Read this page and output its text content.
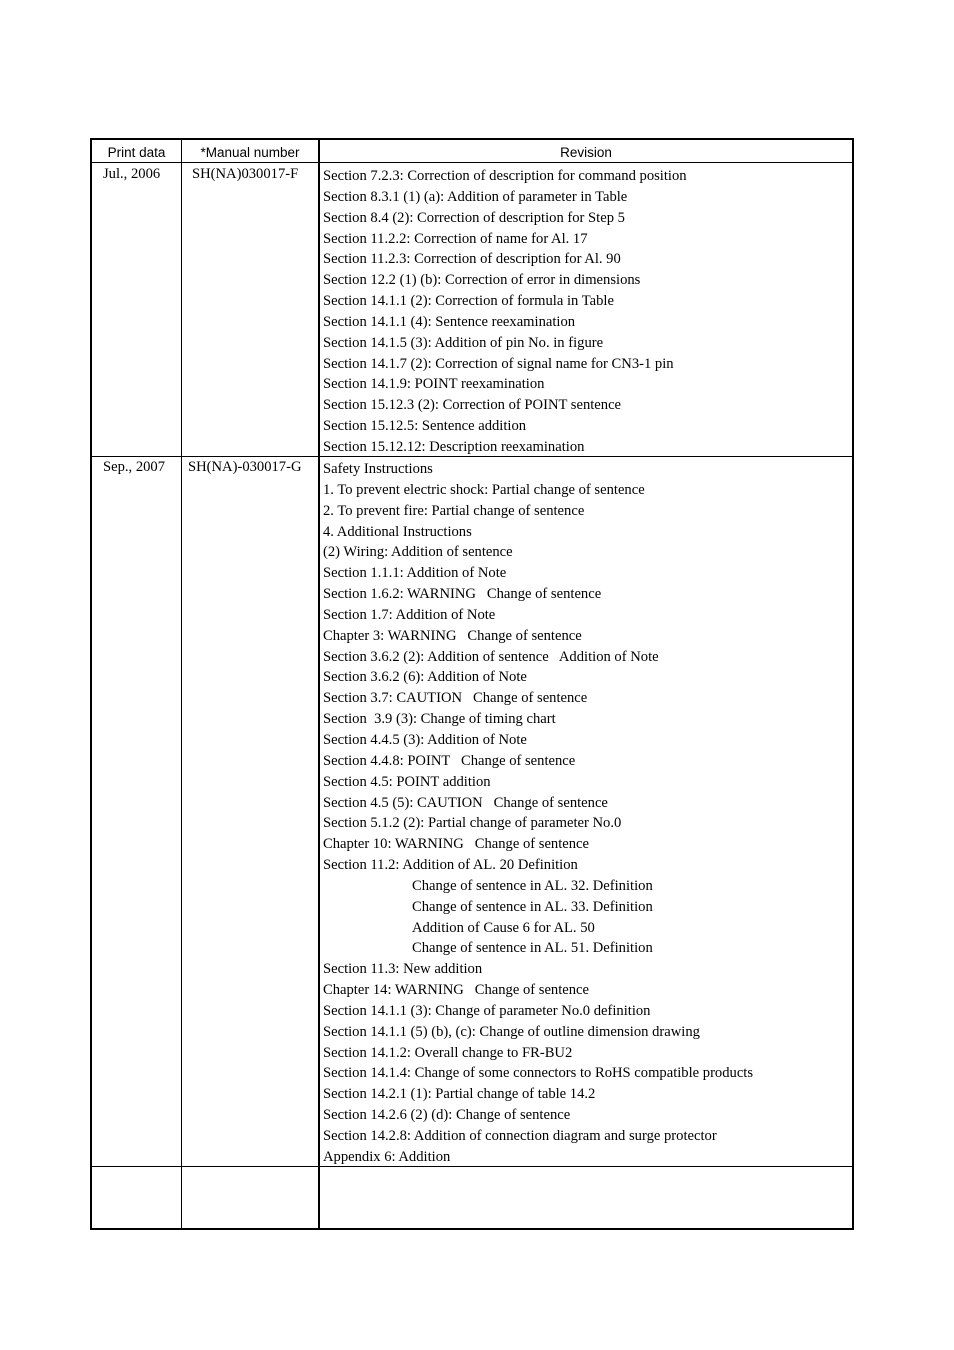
Print data	*Manual number	Revision
Jul., 2006 SH(NA)030017-F Section 7.2.3: Correction of description for command position
Section 8.3.1 (1) (a): Addition of parameter in Table
Section 8.4 (2): Correction of description for Step 5
Section 11.2.2: Correction of name for Al. 17
Section 11.2.3: Correction of description for Al. 90
Section 12.2 (1) (b): Correction of error in dimensions
Section 14.1.1 (2): Correction of formula in Table
Section 14.1.1 (4): Sentence reexamination
Section 14.1.5 (3): Addition of pin No. in figure
Section 14.1.7 (2): Correction of signal name for CN3-1 pin
Section 14.1.9: POINT reexamination
Section 15.12.3 (2): Correction of POINT sentence
Section 15.12.5: Sentence addition
Section 15.12.12: Description reexamination
Sep., 2007 SH(NA)-030017-G Safety Instructions
1. To prevent electric shock: Partial change of sentence
2. To prevent fire: Partial change of sentence
4. Additional Instructions
(2) Wiring: Addition of sentence
Section 1.1.1: Addition of Note
Section 1.6.2: WARNING   Change of sentence
Section 1.7: Addition of Note
Chapter 3: WARNING   Change of sentence
Section 3.6.2 (2): Addition of sentence   Addition of Note
Section 3.6.2 (6): Addition of Note
Section 3.7: CAUTION   Change of sentence
Section  3.9 (3): Change of timing chart
Section 4.4.5 (3): Addition of Note
Section 4.4.8: POINT   Change of sentence
Section 4.5: POINT addition
Section 4.5 (5): CAUTION   Change of sentence
Section 5.1.2 (2): Partial change of parameter No.0
Chapter 10: WARNING   Change of sentence
Section 11.2: Addition of AL. 20 Definition
Change of sentence in AL. 32. Definition
Change of sentence in AL. 33. Definition
Addition of Cause 6 for AL. 50
Change of sentence in AL. 51. Definition
Section 11.3: New addition
Chapter 14: WARNING   Change of sentence
Section 14.1.1 (3): Change of parameter No.0 definition
Section 14.1.1 (5) (b), (c): Change of outline dimension drawing
Section 14.1.2: Overall change to FR-BU2
Section 14.1.4: Change of some connectors to RoHS compatible products
Section 14.2.1 (1): Partial change of table 14.2
Section 14.2.6 (2) (d): Change of sentence
Section 14.2.8: Addition of connection diagram and surge protector
Appendix 6: Addition
